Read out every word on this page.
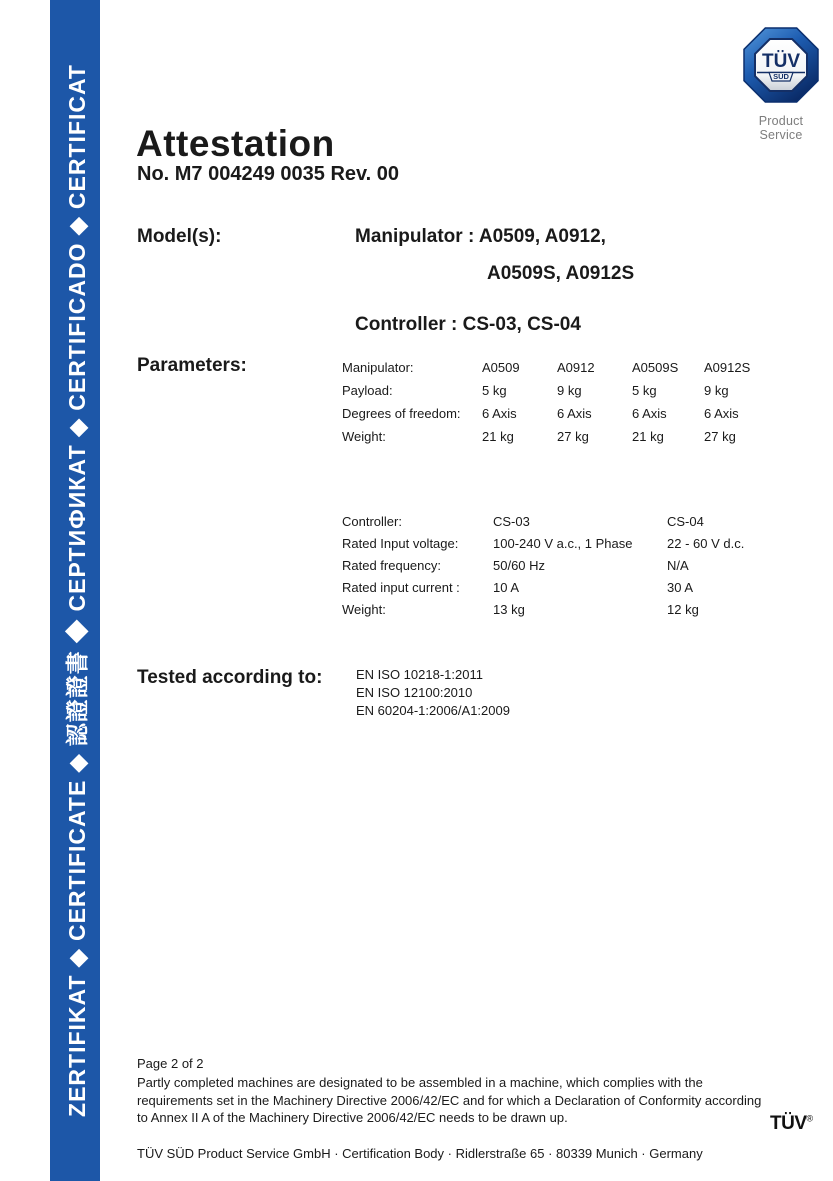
ZERTIFIKAT ◆ CERTIFICATE ◆ 認證證書 ◆ СЕРТИФИКАТ ◆ CERTIFICADO ◆ CERTIFICAT
TÜV
SÜD
Product Service
Attestation
No. M7 004249 0035 Rev. 00
Model(s):	Manipulator : A0509, A0912,
A0509S, A0912S
Controller : CS-03, CS-04
Parameters:	Manipulator:	A0509	A0912	A0509S	A0912S
Payload:	5 kg	9 kg	5 kg	9 kg
Degrees of freedom:	6 Axis	6 Axis	6 Axis	6 Axis
Weight:	21 kg	27 kg	21 kg	27 kg
Controller:	CS-03	CS-04
Rated Input voltage:	100-240 V a.c., 1 Phase	22 - 60 V d.c.
Rated frequency:	50/60 Hz	N/A
Rated input current :	10 A	30 A
Weight:	13 kg	12 kg
Tested according to:	EN ISO 10218-1:2011
EN ISO 12100:2010
EN 60204-1:2006/A1:2009
Page 2 of 2
Partly completed machines are designated to be assembled in a machine, which complies with the requirements set in the Machinery Directive 2006/42/EC and for which a Declaration of Conformity according to Annex II A of the Machinery Directive 2006/42/EC needs to be drawn up.	TÜV®
TÜV SÜD Product Service GmbH · Certification Body · Ridlerstraße 65 · 80339 Munich · Germany
